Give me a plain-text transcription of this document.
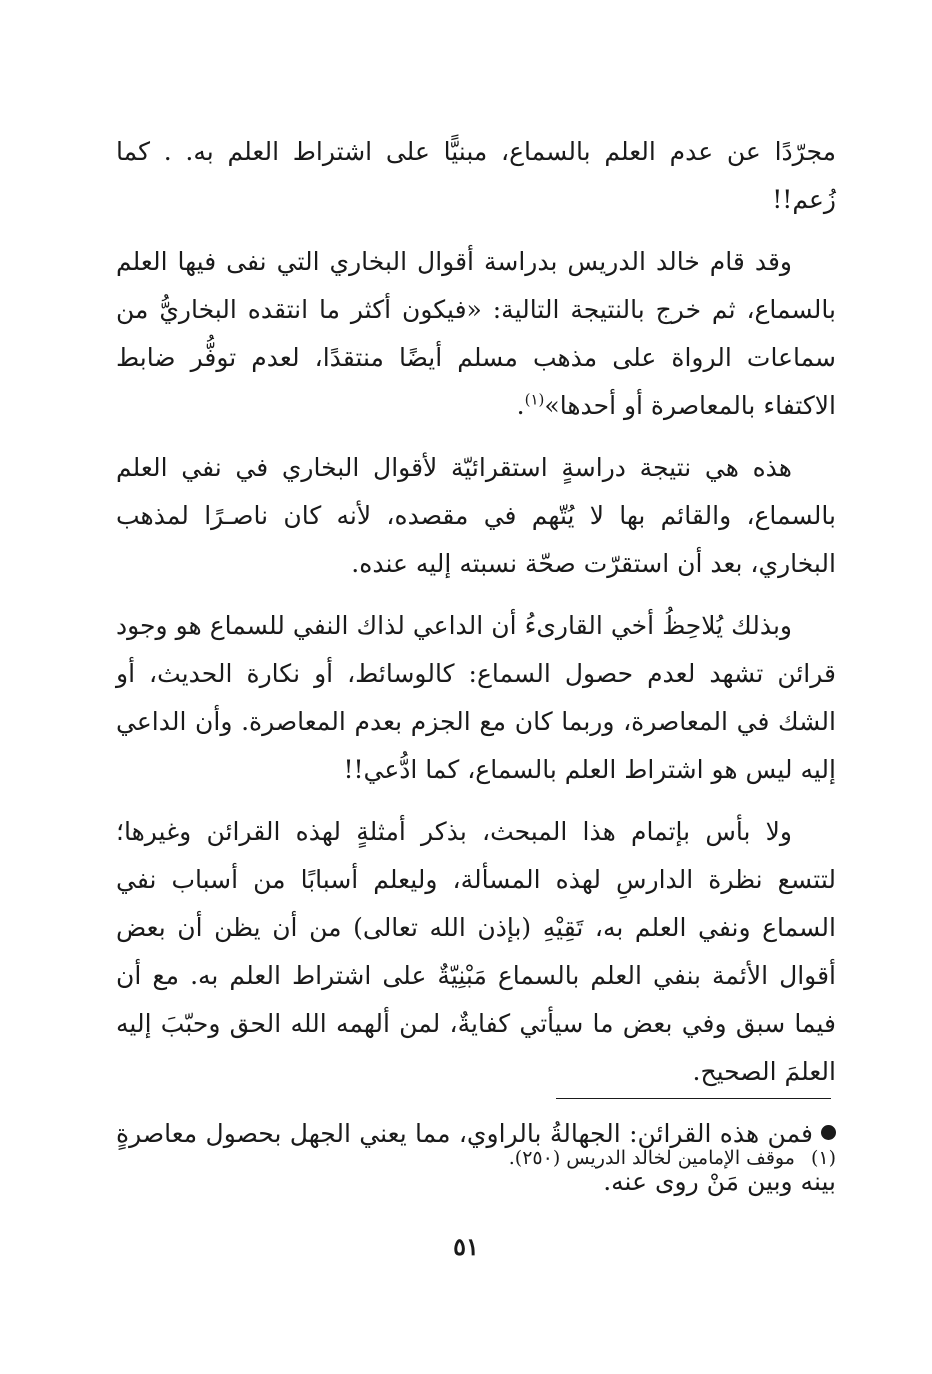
مجرّدًا عن عدم العلم بالسماع، مبنيًّا على اشتراط العلم به. . كما زُعم!!

وقد قام خالد الدريس بدراسة أقوال البخاري التي نفى فيها العلم بالسماع، ثم خرج بالنتيجة التالية: «فيكون أكثر ما انتقده البخاريُّ من سماعات الرواة على مذهب مسلم أيضًا منتقدًا، لعدم توفُّر ضابط الاكتفاء بالمعاصرة أو أحدها»$^{(١)}$.

هذه هي نتيجة دراسةٍ استقرائيّة لأقوال البخاري في نفي العلم بالسماع، والقائم بها لا يُتّهم في مقصده، لأنه كان ناصـرًا لمذهب البخاري، بعد أن استقرّت صحّة نسبته إليه عنده.

وبذلك يُلاحِظُ أخي القارىءُ أن الداعي لذاك النفي للسماع هو وجود قرائن تشهد لعدم حصول السماع: كالوسائط، أو نكارة الحديث، أو الشك في المعاصرة، وربما كان مع الجزم بعدم المعاصرة. وأن الداعي إليه ليس هو اشتراط العلم بالسماع، كما ادُّعي!!

ولا بأس بإتمام هذا المبحث، بذكر أمثلةٍ لهذه القرائن وغيرها؛ لتتسع نظرة الدارسِ لهذه المسألة، وليعلم أسبابًا من أسباب نفي السماع ونفي العلم به، تَقِيْهِ (بإذن الله تعالى) من أن يظن أن بعض أقوال الأئمة بنفي العلم بالسماع مَبْنِيّةٌ على اشتراط العلم به. مع أن فيما سبق وفي بعض ما سيأتي كفايةٌ، لمن ألهمه الله الحق وحبّبَ إليه العلمَ الصحيح.

فمن هذه القرائن: الجهالةُ بالراوي، مما يعني الجهل بحصول معاصرةٍ بينه وبين مَنْ روى عنه.

(١)موقف الإمامين لخالد الدريس (٢٥٠).
٥١
